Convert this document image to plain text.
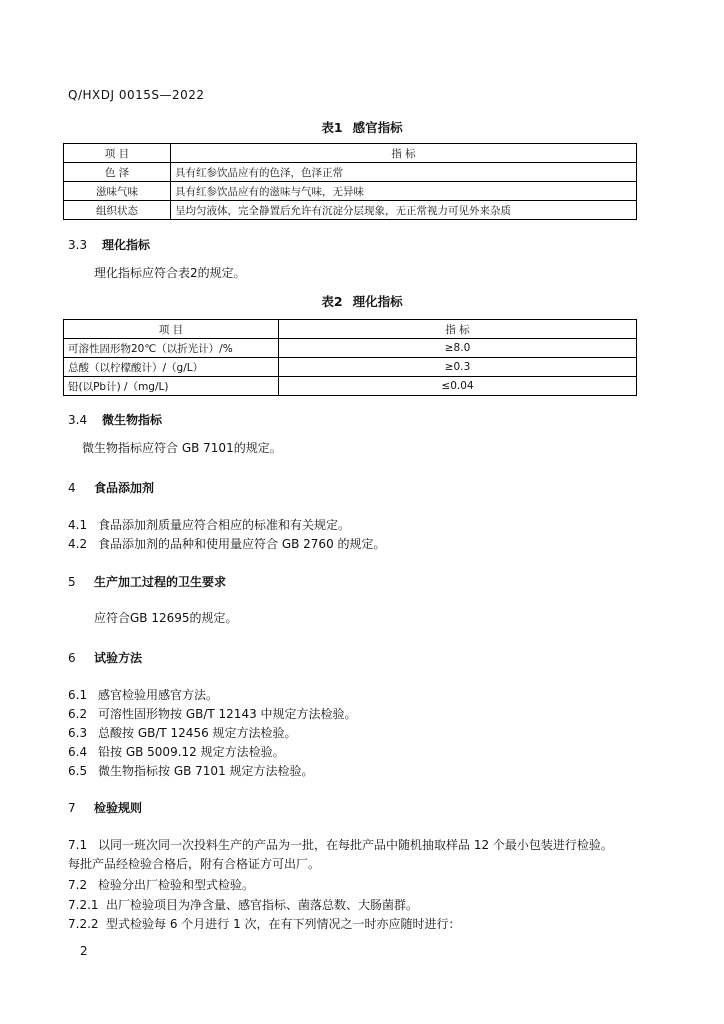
Q/HXDJ 0015S—2022
表1 感官指标
项 目	指 标
色 泽	具有红参饮品应有的色泽，色泽正常
滋味气味	具有红参饮品应有的滋味与气味，无异味
组织状态	呈均匀液体，完全静置后允许有沉淀分层现象，无正常视力可见外来杂质
3.3 理化指标
理化指标应符合表2的规定。
表2 理化指标
项 目	指 标
可溶性固形物20℃（以折光计）/%	≥8.0
总酸（以柠檬酸计）/（g/L）	≥0.3
铅(以Pb计) /（mg/L)	≤0.04
3.4 微生物指标
微生物指标应符合 GB 7101的规定。
4 食品添加剂
4.1 食品添加剂质量应符合相应的标准和有关规定。
4.2 食品添加剂的品种和使用量应符合 GB 2760 的规定。
5 生产加工过程的卫生要求
应符合GB 12695的规定。
6 试验方法
6.1 感官检验用感官方法。
6.2 可溶性固形物按 GB/T 12143 中规定方法检验。
6.3 总酸按 GB/T 12456 规定方法检验。
6.4 铅按 GB 5009.12 规定方法检验。
6.5 微生物指标按 GB 7101 规定方法检验。
7 检验规则
7.1 以同一班次同一次投料生产的产品为一批，在每批产品中随机抽取样品 12 个最小包装进行检验。
每批产品经检验合格后，附有合格证方可出厂。
7.2 检验分出厂检验和型式检验。
7.2.1 出厂检验项目为净含量、感官指标、菌落总数、大肠菌群。
7.2.2 型式检验每 6 个月进行 1 次，在有下列情况之一时亦应随时进行：
2
